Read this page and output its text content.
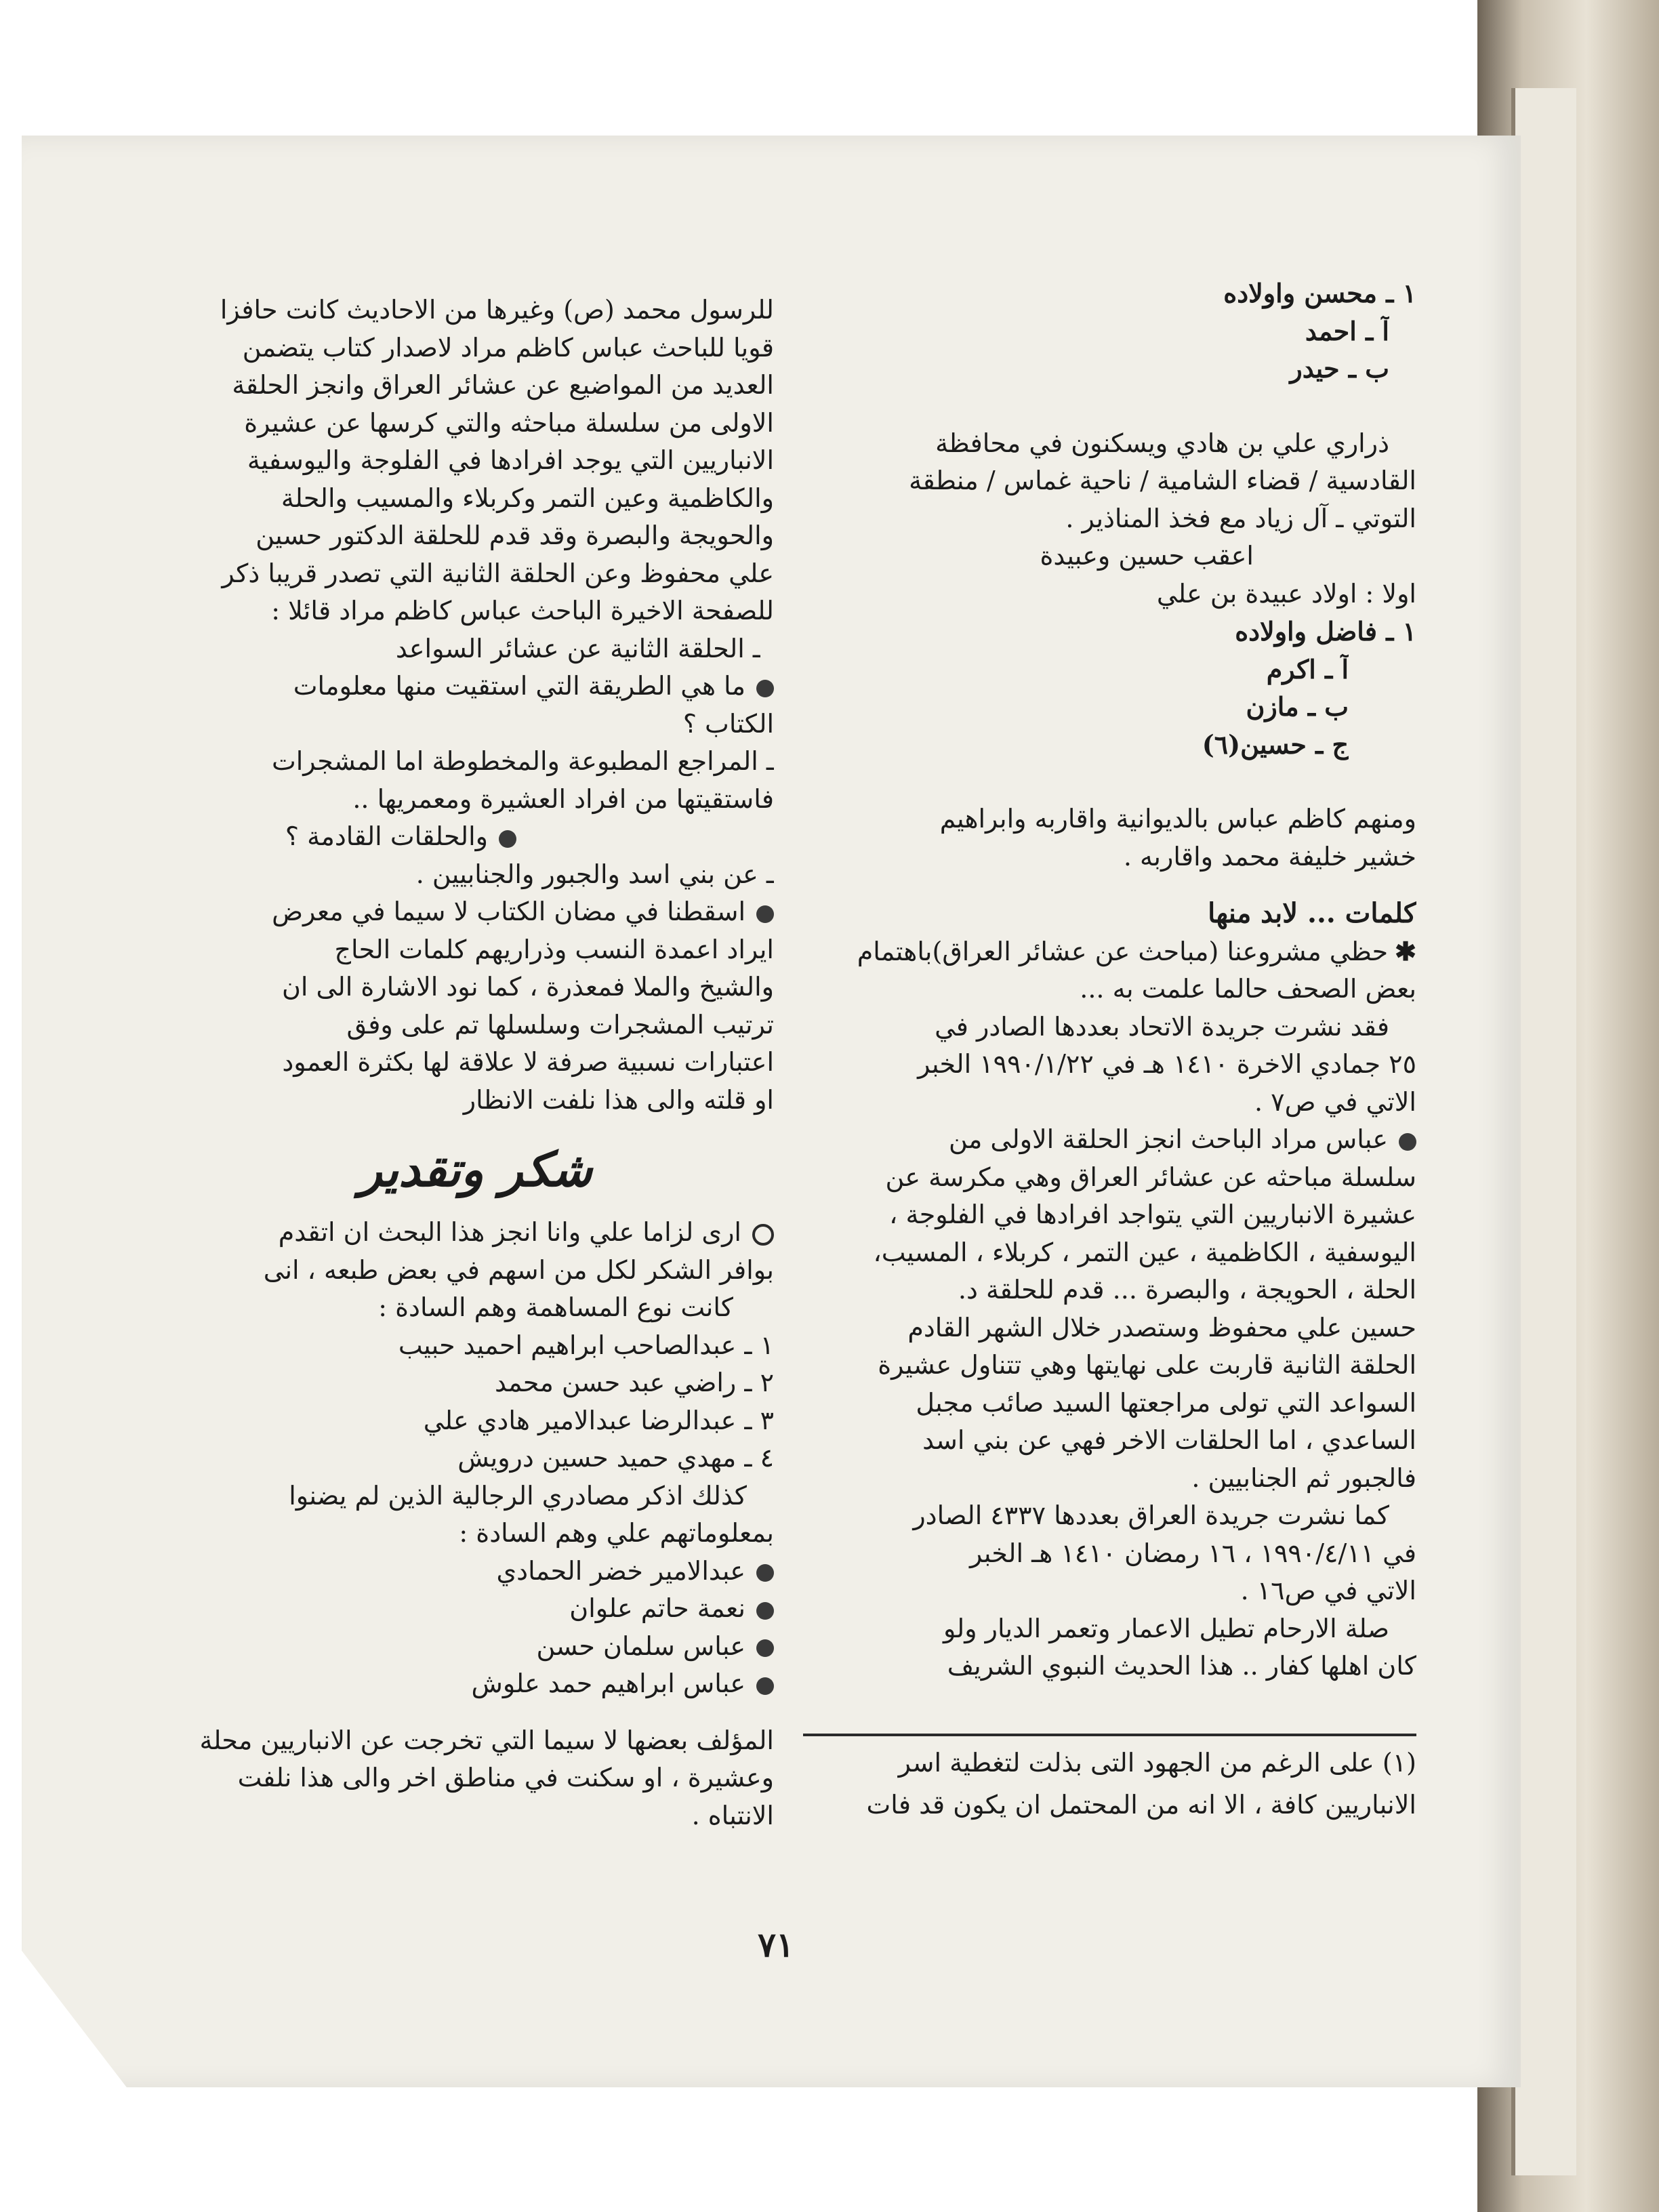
١ ـ محسن واولاده
آ ـ احمد
ب ـ حيدر
ذراري علي بن هادي ويسكنون في محافظة
القادسية / قضاء الشامية / ناحية غماس / منطقة
التوتي ـ آل زياد مع فخذ المناذير .
اعقب حسين وعبيدة
اولا : اولاد عبيدة بن علي
١ ـ فاضل واولاده
آ ـ اكرم
ب ـ مازن
ج ـ حسين(٦)
ومنهم كاظم عباس بالديوانية واقاربه وابراهيم
خشير خليفة محمد واقاربه .
كلمات ... لابد منها
✱حظي مشروعنا (مباحث عن عشائر العراق)باهتمام
بعض الصحف حالما علمت به ...
فقد نشرت جريدة الاتحاد بعددها الصادر في
٢٥ جمادي الاخرة ١٤١٠ هـ في ١٩٩٠/١/٢٢ الخبر
الاتي في ص٧ .
عباس مراد الباحث انجز الحلقة الاولى من
سلسلة مباحثه عن عشائر العراق وهي مكرسة عن
عشيرة الانباريين التي يتواجد افرادها في الفلوجة ،
اليوسفية ، الكاظمية ، عين التمر ، كربلاء ، المسيب،
الحلة ، الحويجة ، والبصرة ... قدم للحلقة د.
حسين علي محفوظ وستصدر خلال الشهر القادم
الحلقة الثانية قاربت على نهايتها وهي تتناول عشيرة
السواعد التي تولى مراجعتها السيد صائب مجبل
الساعدي ، اما الحلقات الاخر فهي عن بني اسد
فالجبور ثم الجنابيين .
كما نشرت جريدة العراق بعددها ٤٣٣٧ الصادر
في ١٩٩٠/٤/١١ ، ١٦ رمضان ١٤١٠ هـ الخبر
الاتي في ص١٦ .
صلة الارحام تطيل الاعمار وتعمر الديار ولو
كان اهلها كفار .. هذا الحديث النبوي الشريف
(١) على الرغم من الجهود التى بذلت لتغطية اسر
الانباريين كافة ، الا انه من المحتمل ان يكون قد فات
للرسول محمد (ص) وغيرها من الاحاديث كانت حافزا
قويا للباحث عباس كاظم مراد لاصدار كتاب يتضمن
العديد من المواضيع عن عشائر العراق وانجز الحلقة
الاولى من سلسلة مباحثه والتي كرسها عن عشيرة
الانباريين التي يوجد افرادها في الفلوجة واليوسفية
والكاظمية وعين التمر وكربلاء والمسيب والحلة
والحويجة والبصرة وقد قدم للحلقة الدكتور حسين
علي محفوظ وعن الحلقة الثانية التي تصدر قريبا ذكر
للصفحة الاخيرة الباحث عباس كاظم مراد قائلا :
ـ الحلقة الثانية عن عشائر السواعد
ما هي الطريقة التي استقيت منها معلومات
الكتاب ؟
ـ المراجع المطبوعة والمخطوطة اما المشجرات
فاستقيتها من افراد العشيرة ومعمريها ..
والحلقات القادمة ؟
ـ عن بني اسد والجبور والجنابيين .
اسقطنا في مضان الكتاب لا سيما في معرض
ايراد اعمدة النسب وذراريهم كلمات الحاج
والشيخ والملا فمعذرة ، كما نود الاشارة الى ان
ترتيب المشجرات وسلسلها تم على وفق
اعتبارات نسبية صرفة لا علاقة لها بكثرة العمود
او قلته والى هذا نلفت الانظار
شكر وتقدير
ارى لزاما علي وانا انجز هذا البحث ان اتقدم
بوافر الشكر لكل من اسهم في بعض طبعه ، انى
كانت نوع المساهمة وهم السادة :
١ ـ عبدالصاحب ابراهيم احميد حبيب
٢ ـ راضي عبد حسن محمد
٣ ـ عبدالرضا عبدالامير هادي علي
٤ ـ مهدي حميد حسين درويش
كذلك اذكر مصادري الرجالية الذين لم يضنوا
بمعلوماتهم علي وهم السادة :
عبدالامير خضر الحمادي
نعمة حاتم علوان
عباس سلمان حسن
عباس ابراهيم حمد علوش
المؤلف بعضها لا سيما التي تخرجت عن الانباريين محلة
وعشيرة ، او سكنت في مناطق اخر والى هذا نلفت
الانتباه .
٧١
